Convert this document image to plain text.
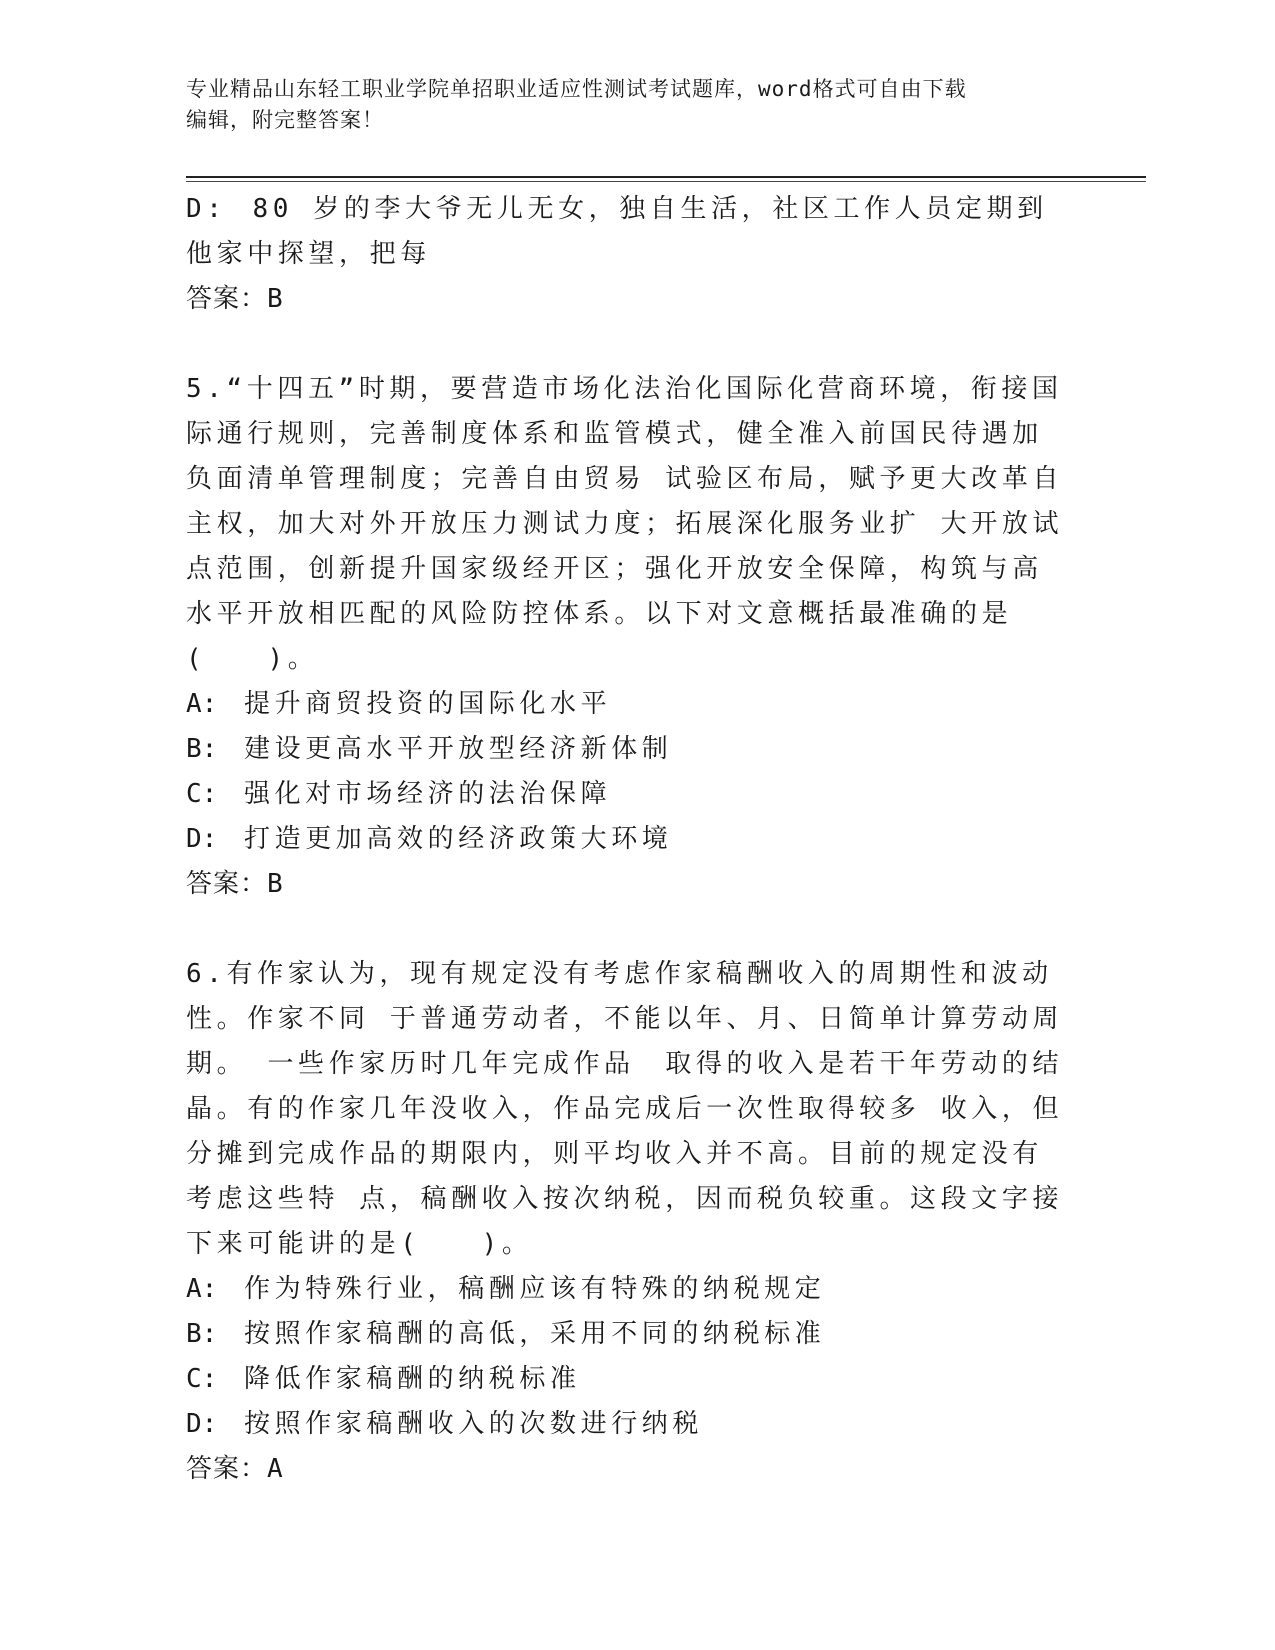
专业精品山东轻工职业学院单招职业适应性测试考试题库，word格式可自由下载
编辑，附完整答案！

D: 80 岁的李大爷无儿无女，独自生活，社区工作人员定期到他家中探望，把每

答案：B

5.“十四五”时期，要营造市场化法治化国际化营商环境，衔接国际通行规则，完善制度体系和监管模式，健全准入前国民待遇加负面清单管理制度；完善自由贸易 试验区布局，赋予更大改革自主权，加大对外开放压力测试力度；拓展深化服务业扩 大开放试点范围，创新提升国家级经开区；强化开放安全保障，构筑与高水平开放相匹配的风险防控体系。以下对文意概括最准确的是(　　)。

A: 提升商贸投资的国际化水平

B: 建设更高水平开放型经济新体制

C: 强化对市场经济的法治保障

D: 打造更加高效的经济政策大环境

答案：B

6.有作家认为，现有规定没有考虑作家稿酬收入的周期性和波动性。作家不同 于普通劳动者，不能以年、月、日简单计算劳动周期。 一些作家历时几年完成作品　取得的收入是若干年劳动的结晶。有的作家几年没收入，作品完成后一次性取得较多 收入，但分摊到完成作品的期限内，则平均收入并不高。目前的规定没有考虑这些特 点，稿酬收入按次纳税，因而税负较重。这段文字接下来可能讲的是(　　)。

A: 作为特殊行业，稿酬应该有特殊的纳税规定

B: 按照作家稿酬的高低，采用不同的纳税标准

C: 降低作家稿酬的纳税标准

D: 按照作家稿酬收入的次数进行纳税

答案：A
